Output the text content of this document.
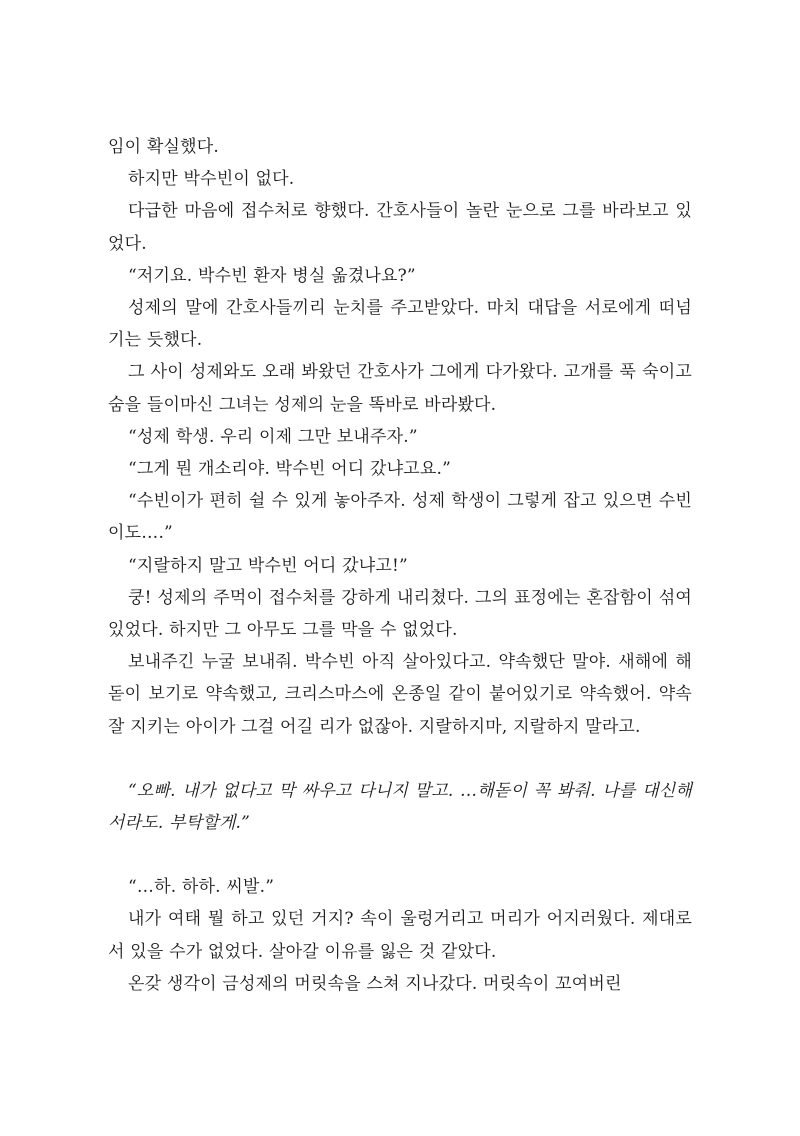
임이 확실했다.

하지만 박수빈이 없다.

다급한 마음에 접수처로 향했다. 간호사들이 놀란 눈으로 그를 바라보고 있었다.

“저기요. 박수빈 환자 병실 옮겼나요?”

성제의 말에 간호사들끼리 눈치를 주고받았다. 마치 대답을 서로에게 떠넘기는 듯했다.

그 사이 성제와도 오래 봐왔던 간호사가 그에게 다가왔다. 고개를 푹 숙이고 숨을 들이마신 그녀는 성제의 눈을 똑바로 바라봤다.

“성제 학생. 우리 이제 그만 보내주자.”

“그게 뭔 개소리야. 박수빈 어디 갔냐고요.”

“수빈이가 편히 쉴 수 있게 놓아주자. 성제 학생이 그렇게 잡고 있으면 수빈이도….”

“지랄하지 말고 박수빈 어디 갔냐고!”

쿵! 성제의 주먹이 접수처를 강하게 내리쳤다. 그의 표정에는 혼잡함이 섞여 있었다. 하지만 그 아무도 그를 막을 수 없었다.

보내주긴 누굴 보내줘. 박수빈 아직 살아있다고. 약속했단 말야. 새해에 해돋이 보기로 약속했고, 크리스마스에 온종일 같이 붙어있기로 약속했어. 약속 잘 지키는 아이가 그걸 어길 리가 없잖아. 지랄하지마, 지랄하지 말라고.

“오빠. 내가 없다고 막 싸우고 다니지 말고. …해돋이 꼭 봐줘. 나를 대신해서라도. 부탁할게.”

“…하. 하하. 씨발.”

내가 여태 뭘 하고 있던 거지? 속이 울렁거리고 머리가 어지러웠다. 제대로 서 있을 수가 없었다. 살아갈 이유를 잃은 것 같았다.

온갖 생각이 금성제의 머릿속을 스쳐 지나갔다. 머릿속이 꼬여버린
